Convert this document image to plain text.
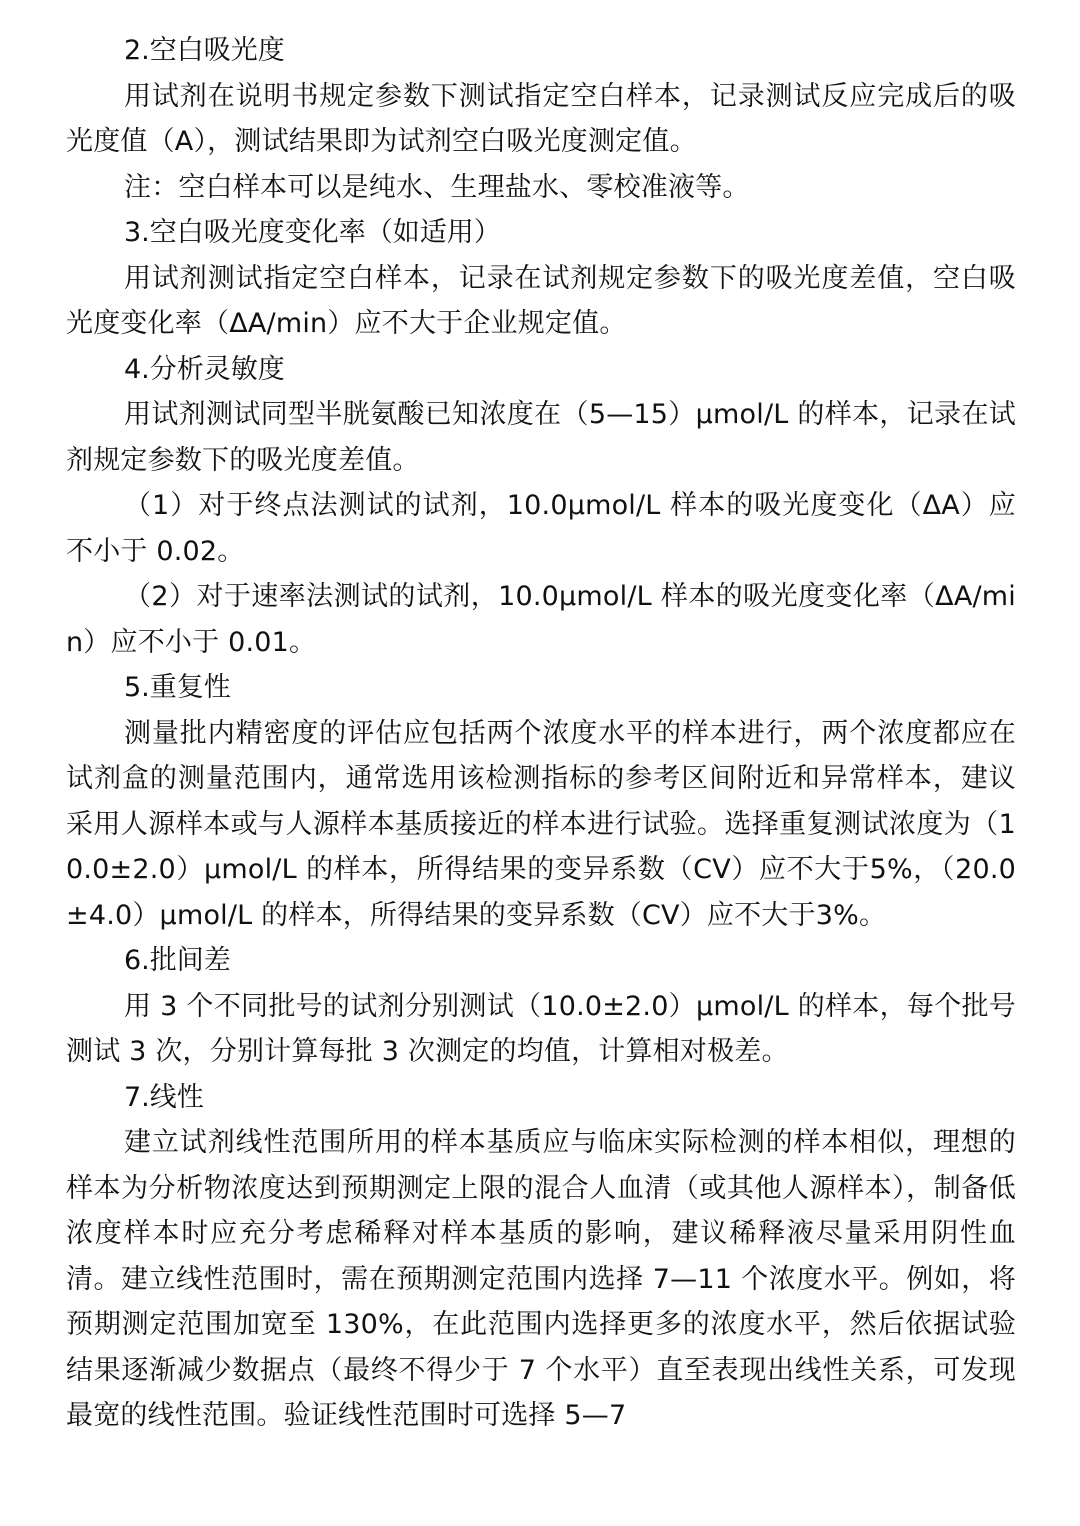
2.空白吸光度

用试剂在说明书规定参数下测试指定空白样本，记录测试反应完成后的吸光度值（A），测试结果即为试剂空白吸光度测定值。

注：空白样本可以是纯水、生理盐水、零校准液等。

3.空白吸光度变化率（如适用）

用试剂测试指定空白样本，记录在试剂规定参数下的吸光度差值，空白吸光度变化率（ΔA/min）应不大于企业规定值。

4.分析灵敏度

用试剂测试同型半胱氨酸已知浓度在（5—15）μmol/L 的样本，记录在试剂规定参数下的吸光度差值。

（1）对于终点法测试的试剂，10.0μmol/L 样本的吸光度变化（ΔA）应不小于 0.02。

（2）对于速率法测试的试剂，10.0μmol/L 样本的吸光度变化率（ΔA/min）应不小于 0.01。

5.重复性

测量批内精密度的评估应包括两个浓度水平的样本进行，两个浓度都应在试剂盒的测量范围内，通常选用该检测指标的参考区间附近和异常样本，建议采用人源样本或与人源样本基质接近的样本进行试验。选择重复测试浓度为（10.0±2.0）μmol/L 的样本，所得结果的变异系数（CV）应不大于5%，（20.0±4.0）μmol/L 的样本，所得结果的变异系数（CV）应不大于3%。

6.批间差

用 3 个不同批号的试剂分别测试（10.0±2.0）μmol/L 的样本，每个批号测试 3 次，分别计算每批 3 次测定的均值，计算相对极差。

7.线性

建立试剂线性范围所用的样本基质应与临床实际检测的样本相似，理想的样本为分析物浓度达到预期测定上限的混合人血清（或其他人源样本），制备低浓度样本时应充分考虑稀释对样本基质的影响，建议稀释液尽量采用阴性血清。建立线性范围时，需在预期测定范围内选择 7—11 个浓度水平。例如，将预期测定范围加宽至 130%，在此范围内选择更多的浓度水平，然后依据试验结果逐渐减少数据点（最终不得少于 7 个水平）直至表现出线性关系，可发现最宽的线性范围。验证线性范围时可选择 5—7
